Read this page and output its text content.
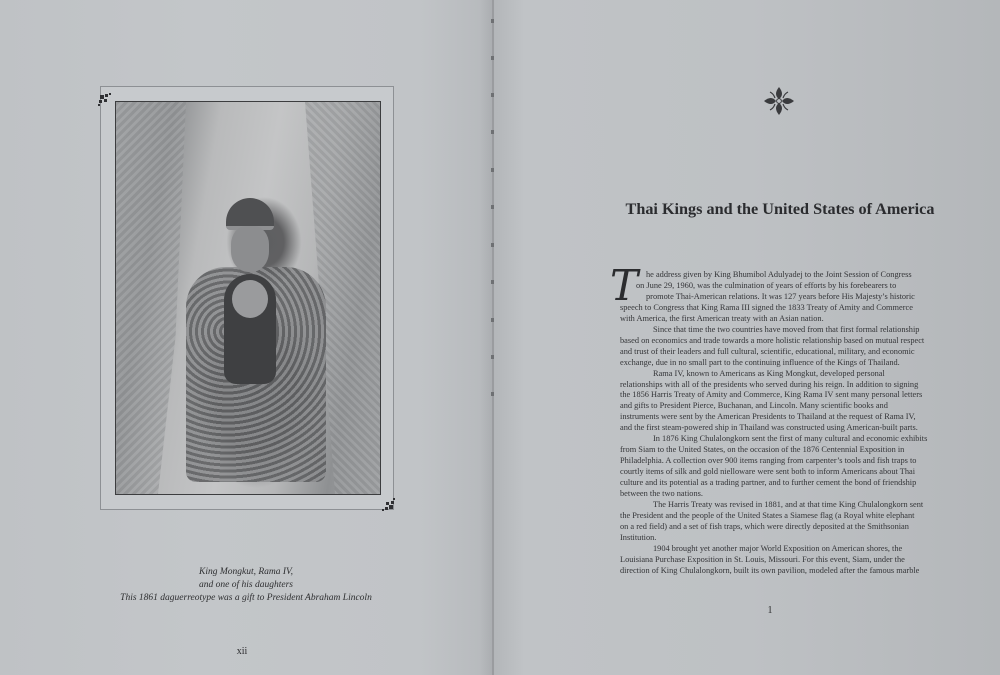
King Mongkut, Rama IV,
and one of his daughters
This 1861 daguerreotype was a gift to President Abraham Lincoln
xii
Thai Kings and the United States of America
T he address given by King Bhumibol Adulyadej to the Joint Session of Congress

on June 29, 1960, was the culmination of years of efforts by his forebearers to

promote Thai-American relations. It was 127 years before His Majesty’s historic

speech to Congress that King Rama III signed the 1833 Treaty of Amity and Commerce

with America, the first American treaty with an Asian nation.

Since that time the two countries have moved from that first formal relationship

based on economics and trade towards a more holistic relationship based on mutual respect

and trust of their leaders and full cultural, scientific, educational, military, and economic

exchange, due in no small part to the continuing influence of the Kings of Thailand.

Rama IV, known to Americans as King Mongkut, developed personal

relationships with all of the presidents who served during his reign. In addition to signing

the 1856 Harris Treaty of Amity and Commerce, King Rama IV sent many personal letters

and gifts to President Pierce, Buchanan, and Lincoln. Many scientific books and

instruments were sent by the American Presidents to Thailand at the request of Rama IV,

and the first steam-powered ship in Thailand was constructed using American-built parts.

In 1876 King Chulalongkorn sent the first of many cultural and economic exhibits

from Siam to the United States, on the occasion of the 1876 Centennial Exposition in

Philadelphia. A collection over 900 items ranging from carpenter’s tools and fish traps to

courtly items of silk and gold nielloware were sent both to inform Americans about Thai

culture and its potential as a trading partner, and to further cement the bond of friendship

between the two nations.

The Harris Treaty was revised in 1881, and at that time King Chulalongkorn sent

the President and the people of the United States a Siamese flag (a Royal white elephant

on a red field) and a set of fish traps, which were directly deposited at the Smithsonian

Institution.

1904 brought yet another major World Exposition on American shores, the

Louisiana Purchase Exposition in St. Louis, Missouri. For this event, Siam, under the

direction of King Chulalongkorn, built its own pavilion, modeled after the famous marble

1
